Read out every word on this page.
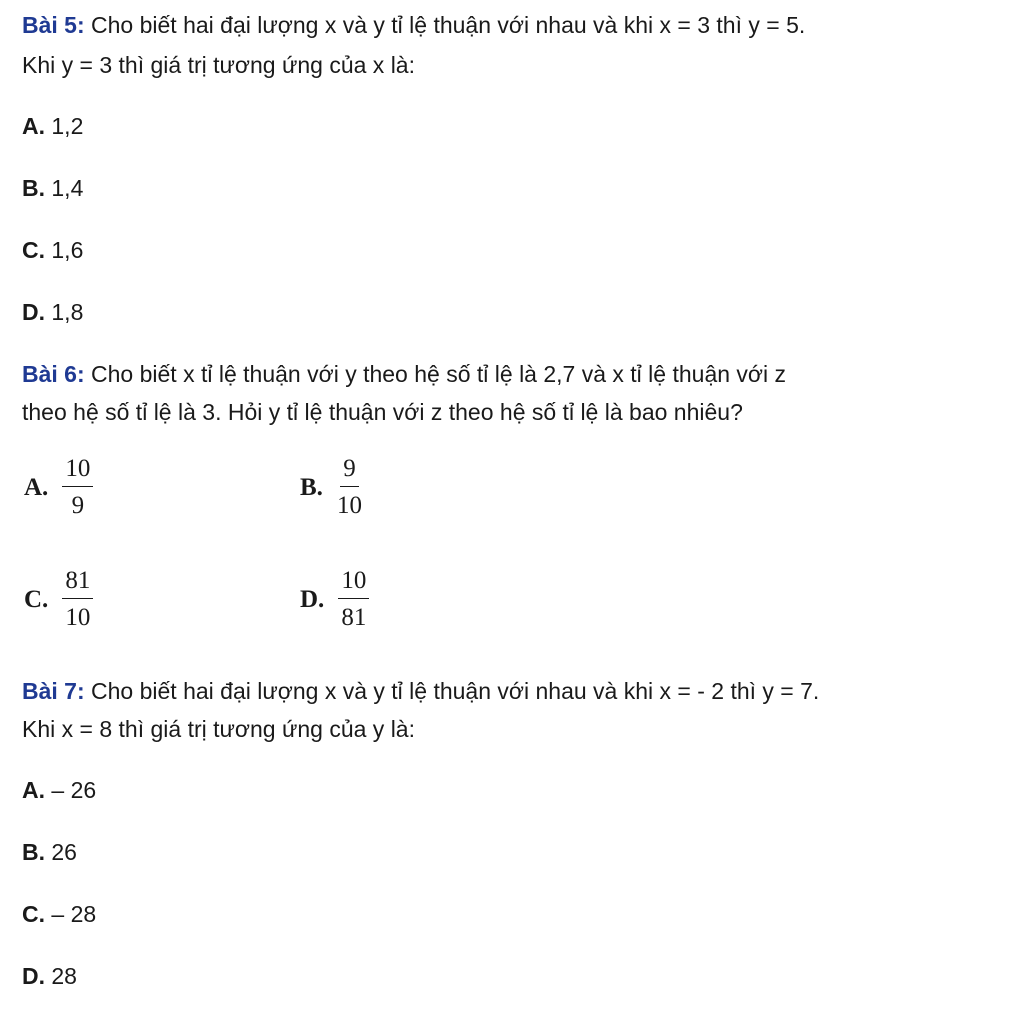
Bài 5: Cho biết hai đại lượng x và y tỉ lệ thuận với nhau và khi x = 3 thì y = 5.
Khi y = 3 thì giá trị tương ứng của x là:
A. 1,2
B. 1,4
C. 1,6
D. 1,8
Bài 6: Cho biết x tỉ lệ thuận với y theo hệ số tỉ lệ là 2,7 và x tỉ lệ thuận với z
theo hệ số tỉ lệ là 3. Hỏi y tỉ lệ thuận với z theo hệ số tỉ lệ là bao nhiêu?
A. $\frac{10}{9}$	B. $\frac{9}{10}$
C. $\frac{81}{10}$	D. $\frac{10}{81}$
Bài 7: Cho biết hai đại lượng x và y tỉ lệ thuận với nhau và khi x = - 2 thì y = 7.
Khi x = 8 thì giá trị tương ứng của y là:
A. – 26
B. 26
C. – 28
D. 28
